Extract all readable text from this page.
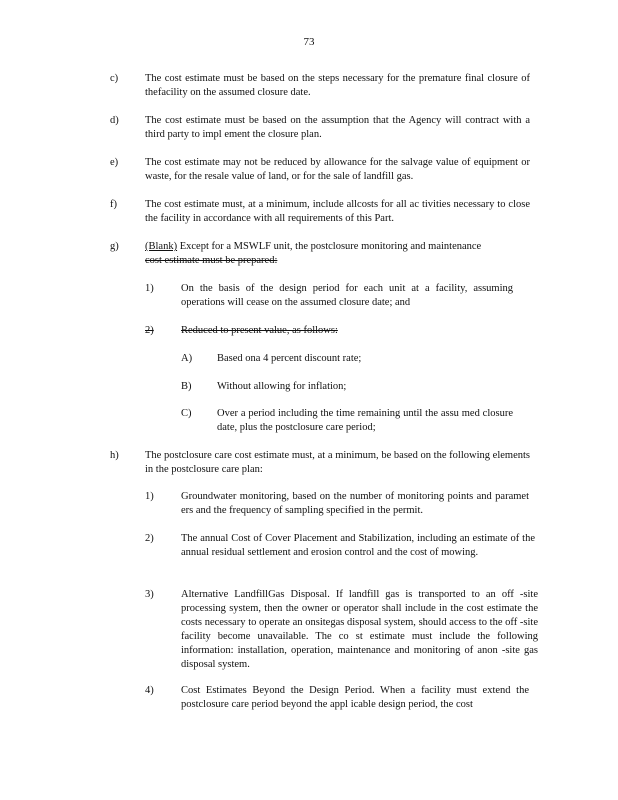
73
c)	The cost estimate must be based on the steps necessary for the premature final closure of thefacility on the assumed closure date.
d)	The cost estimate must be based on the assumption that the Agency will contract with a third party to impl ement the closure plan.
e)	The cost estimate may not be reduced by allowance for the salvage value of equipment or waste, for the resale value of land, or for the sale of landfill gas.
f)	The cost estimate must, at a minimum, include allcosts for all ac tivities necessary to close the facility in accordance with all requirements of this Part.
g)	(Blank) Except for a MSWLF unit, the postclosure monitoring and maintenance
cost estimate must be prepared:
1)	On the basis of the design period for each unit at a facility, assuming operations will cease on the assumed closure date; and
2)	Reduced to present value, as follows:
A) Based ona 4 percent discount rate;
B) Without allowing for inflation;
C) Over a period including the time remaining until the assu med closure date, plus the postclosure care period;
h)	The postclosure care cost estimate must, at a minimum, be based on the following elements in the postclosure care plan:
1)	Groundwater monitoring, based on the number of monitoring points and paramet ers and the frequency of sampling specified in the permit.
2)	The annual Cost of Cover Placement and Stabilization, including an estimate of the annual residual settlement and erosion control and the cost of mowing.
3)	Alternative LandfillGas Disposal. If landfill gas is transported to an off -site processing system, then the owner or operator shall include in the cost estimate the costs necessary to operate an onsitegas disposal system, should access to the off -site facility become unavailable. The co st estimate must include the following information: installation, operation, maintenance and monitoring of anon -site gas disposal system.
4)	Cost Estimates Beyond the Design Period. When a facility must extend the postclosure care period beyond the appl icable design period, the cost
